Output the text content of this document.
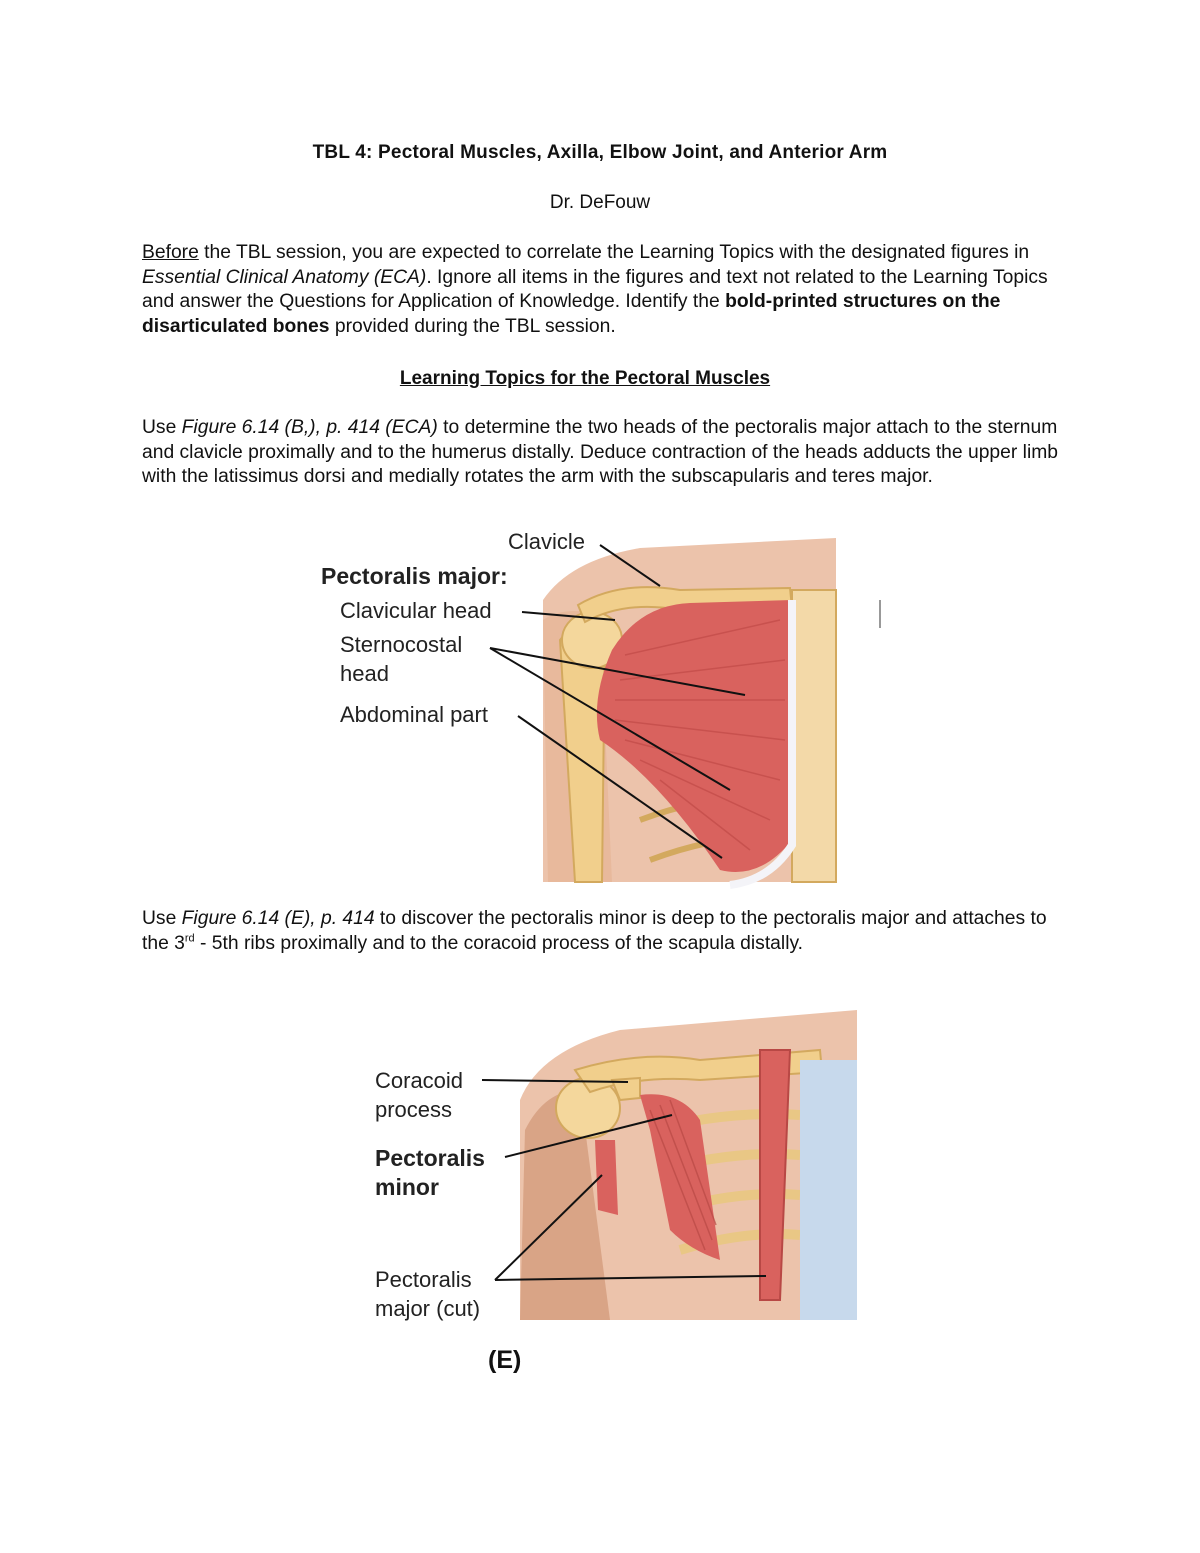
TBL 4: Pectoral Muscles, Axilla, Elbow Joint, and Anterior Arm
Dr. DeFouw
Before the TBL session, you are expected to correlate the Learning Topics with the designated figures in Essential Clinical Anatomy (ECA). Ignore all items in the figures and text not related to the Learning Topics and answer the Questions for Application of Knowledge. Identify the bold-printed structures on the disarticulated bones provided during the TBL session.
Learning Topics for the Pectoral Muscles
Use Figure 6.14 (B,), p. 414 (ECA) to determine the two heads of the pectoralis major attach to the sternum and clavicle proximally and to the humerus distally. Deduce contraction of the heads adducts the upper limb with the latissimus dorsi and medially rotates the arm with the subscapularis and teres major.
Clavicle
Pectoralis major:
Clavicular head
Sternocostal
head
Abdominal part
Use Figure 6.14 (E), p. 414 to discover the pectoralis minor is deep to the pectoralis major and attaches to the 3rd - 5th ribs proximally and to the coracoid process of the scapula distally.
Coracoid
process
Pectoralis
minor
Pectoralis
major (cut)
(E)
